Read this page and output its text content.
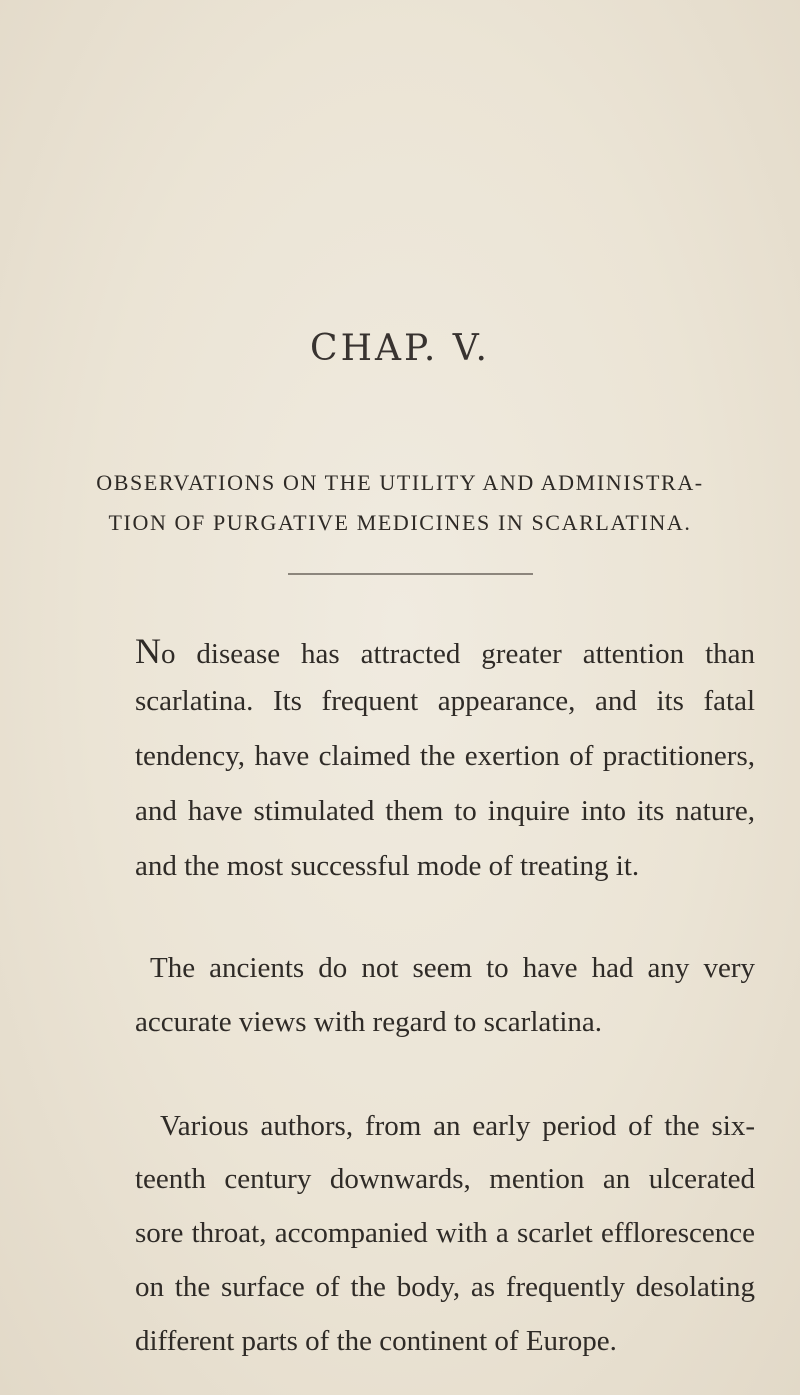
CHAP. V.
OBSERVATIONS ON THE UTILITY AND ADMINISTRA-
TION OF PURGATIVE MEDICINES IN SCARLATINA.
No disease has attracted greater attention than
scarlatina. Its frequent appearance, and its fatal
tendency, have claimed the exertion of practitioners,
and have stimulated them to inquire into its nature,
and the most successful mode of treating it.
The ancients do not seem to have had any very
accurate views with regard to scarlatina.
Various authors, from an early period of the six-
teenth century downwards, mention an ulcerated
sore throat, accompanied with a scarlet efflorescence
on the surface of the body, as frequently desolating
different parts of the continent of Europe.
